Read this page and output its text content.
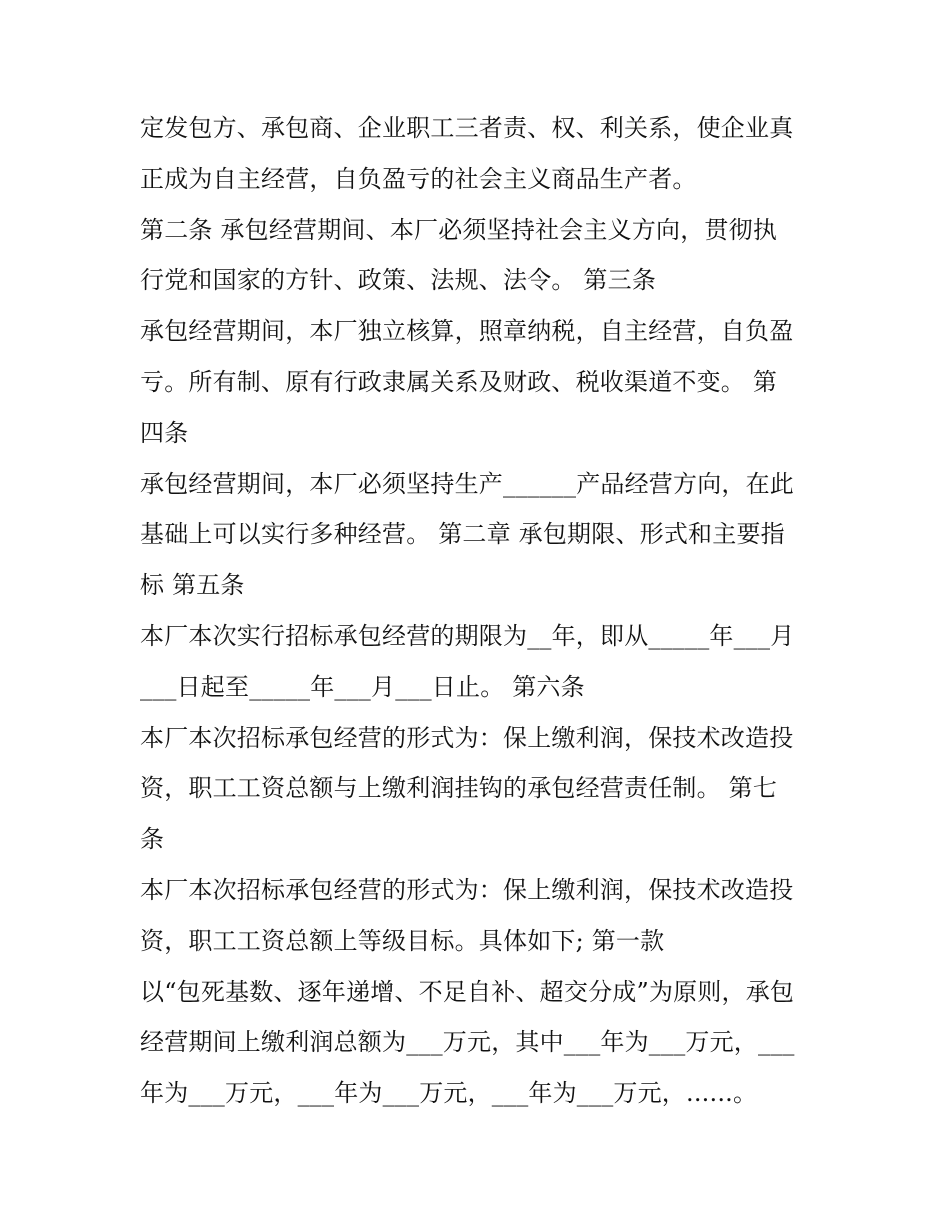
定发包方、承包商、企业职工三者责、权、利关系，使企业真
正成为自主经营，自负盈亏的社会主义商品生产者。
第二条 承包经营期间、本厂必须坚持社会主义方向，贯彻执
行党和国家的方针、政策、法规、法令。 第三条
承包经营期间，本厂独立核算，照章纳税，自主经营，自负盈
亏。所有制、原有行政隶属关系及财政、税收渠道不变。 第
四条
承包经营期间，本厂必须坚持生产______产品经营方向，在此
基础上可以实行多种经营。 第二章 承包期限、形式和主要指
标 第五条
本厂本次实行招标承包经营的期限为__年，即从_____年___月
___日起至_____年___月___日止。 第六条
本厂本次招标承包经营的形式为：保上缴利润，保技术改造投
资，职工工资总额与上缴利润挂钩的承包经营责任制。 第七
条
本厂本次招标承包经营的形式为：保上缴利润，保技术改造投
资，职工工资总额上等级目标。具体如下; 第一款
以“包死基数、逐年递增、不足自补、超交分成”为原则，承包
经营期间上缴利润总额为___万元，其中___年为___万元，___
年为___万元，___年为___万元，___年为___万元，......。
